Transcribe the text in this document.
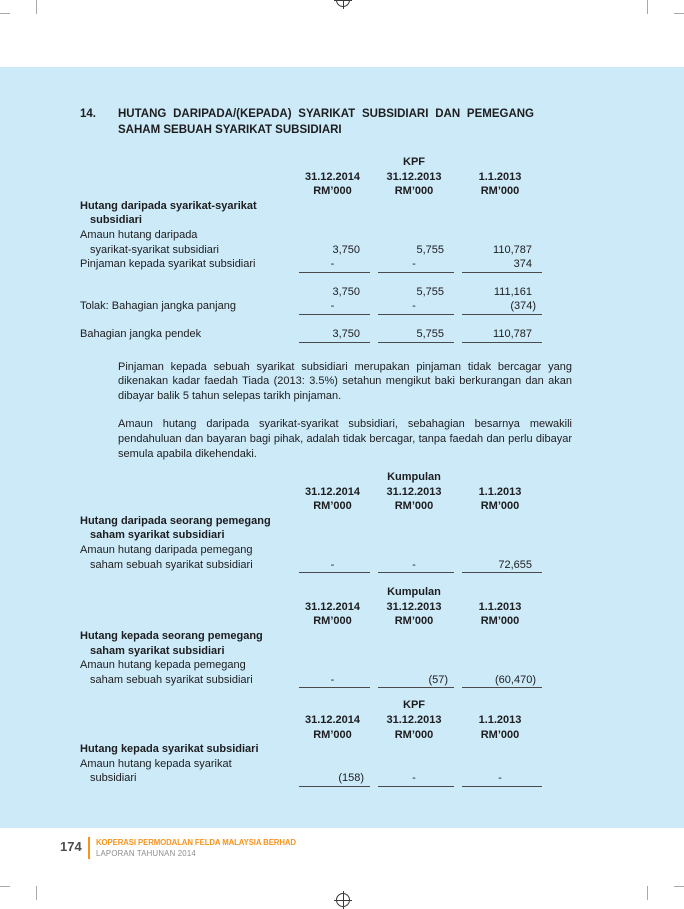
14.	HUTANG DARIPADA/(KEPADA) SYARIKAT SUBSIDIARI DAN PEMEGANG SAHAM SEBUAH SYARIKAT SUBSIDIARI
KPF
31.12.2014	31.12.2013	1.1.2013
RM’000	RM’000	RM’000
Hutang daripada syarikat-syarikat
subsidiari
Amaun hutang daripada
syarikat-syarikat subsidiari	3,750	5,755	110,787
Pinjaman kepada syarikat subsidiari	-	-	374
3,750	5,755	111,161
Tolak: Bahagian jangka panjang	-	-	(374)
Bahagian jangka pendek	3,750	5,755	110,787
Pinjaman kepada sebuah syarikat subsidiari merupakan pinjaman tidak bercagar yang dikenakan kadar faedah Tiada (2013: 3.5%) setahun mengikut baki berkurangan dan akan dibayar balik 5 tahun selepas tarikh pinjaman.
Amaun hutang daripada syarikat-syarikat subsidiari, sebahagian besarnya mewakili pendahuluan dan bayaran bagi pihak, adalah tidak bercagar, tanpa faedah dan perlu dibayar semula apabila dikehendaki.
Kumpulan
31.12.2014	31.12.2013	1.1.2013
RM’000	RM’000	RM’000
Hutang daripada seorang pemegang
saham syarikat subsidiari
Amaun hutang daripada pemegang
saham sebuah syarikat subsidiari	-	-	72,655
Kumpulan
31.12.2014	31.12.2013	1.1.2013
RM’000	RM’000	RM’000
Hutang kepada seorang pemegang
saham syarikat subsidiari
Amaun hutang kepada pemegang
saham sebuah syarikat subsidiari	-	(57)	(60,470)
KPF
31.12.2014	31.12.2013	1.1.2013
RM’000	RM’000	RM’000
Hutang kepada syarikat subsidiari
Amaun hutang kepada syarikat
subsidiari	(158)	-	-
174 KOPERASI PERMODALAN FELDA MALAYSIA BERHAD
LAPORAN TAHUNAN 2014
